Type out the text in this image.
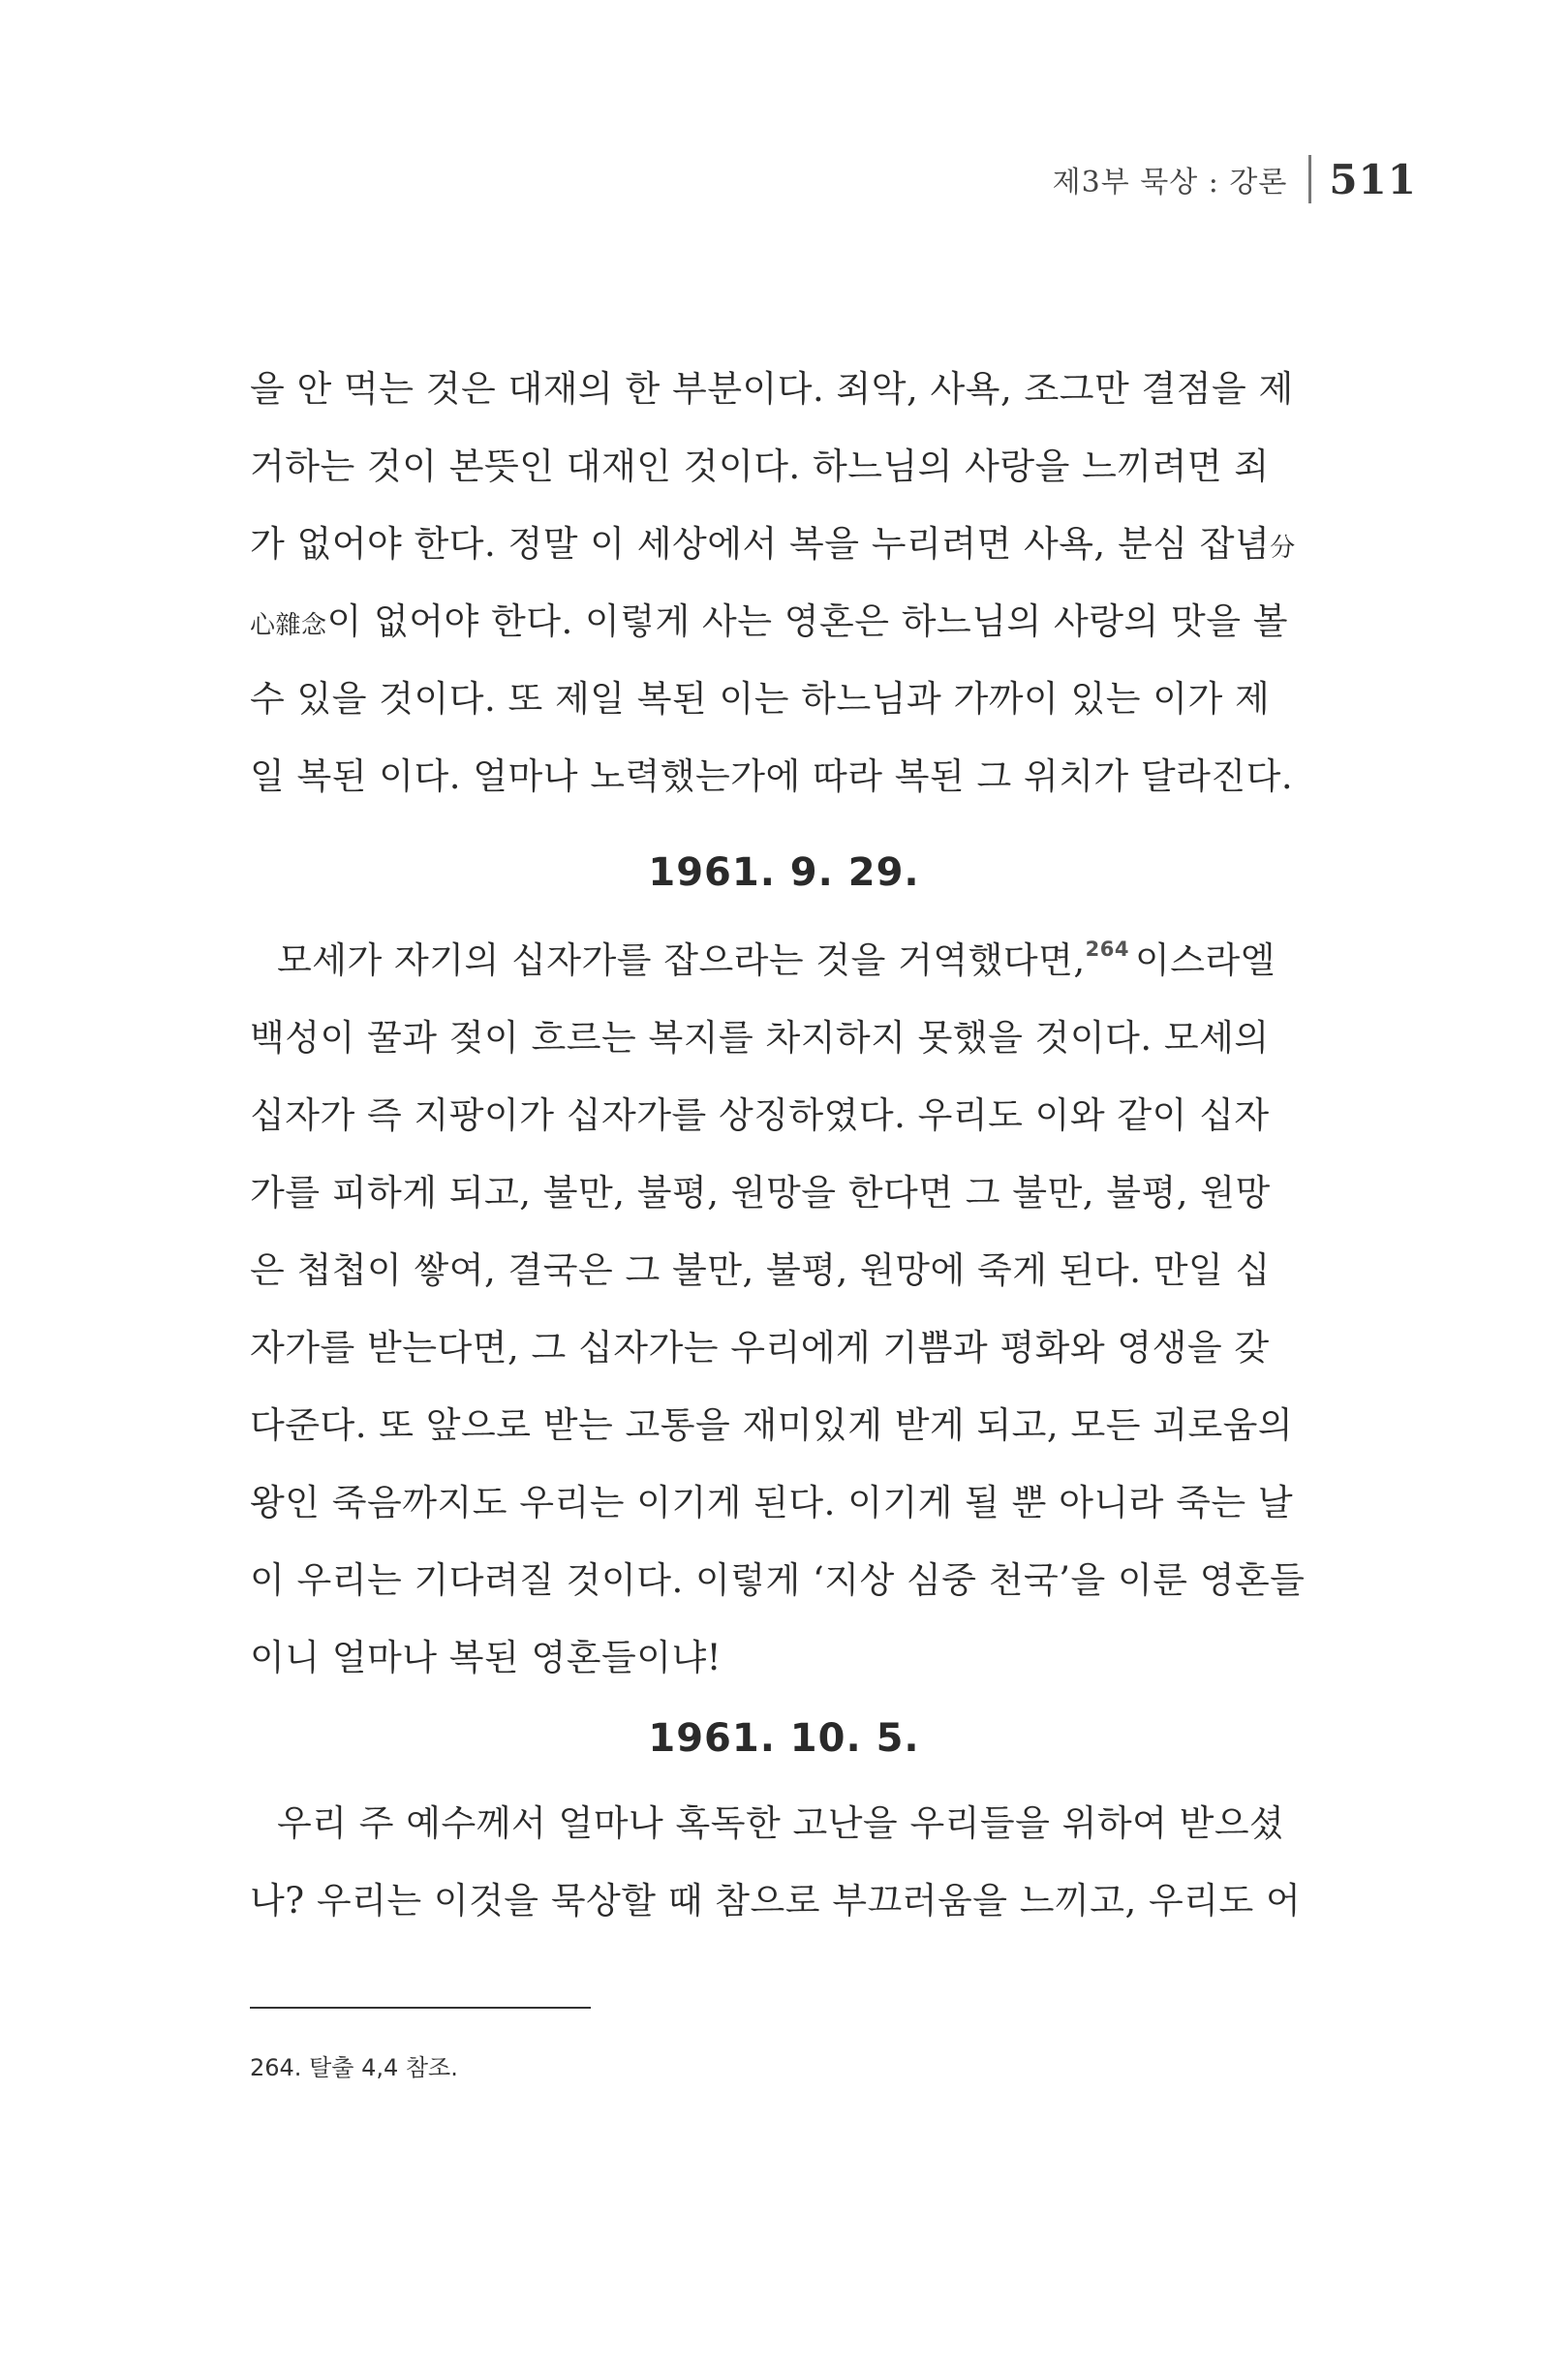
제3부 묵상 : 강론 511
을 안 먹는 것은 대재의 한 부분이다. 죄악, 사욕, 조그만 결점을 제
거하는 것이 본뜻인 대재인 것이다. 하느님의 사랑을 느끼려면 죄
가 없어야 한다. 정말 이 세상에서 복을 누리려면 사욕, 분심 잡념分
心雜念이 없어야 한다. 이렇게 사는 영혼은 하느님의 사랑의 맛을 볼
수 있을 것이다. 또 제일 복된 이는 하느님과 가까이 있는 이가 제
일 복된 이다. 얼마나 노력했는가에 따라 복된 그 위치가 달라진다.
1961. 9. 29.
모세가 자기의 십자가를 잡으라는 것을 거역했다면,$^{264}$ 이스라엘
백성이 꿀과 젖이 흐르는 복지를 차지하지 못했을 것이다. 모세의
십자가 즉 지팡이가 십자가를 상징하였다. 우리도 이와 같이 십자
가를 피하게 되고, 불만, 불평, 원망을 한다면 그 불만, 불평, 원망
은 첩첩이 쌓여, 결국은 그 불만, 불평, 원망에 죽게 된다. 만일 십
자가를 받는다면, 그 십자가는 우리에게 기쁨과 평화와 영생을 갖
다준다. 또 앞으로 받는 고통을 재미있게 받게 되고, 모든 괴로움의
왕인 죽음까지도 우리는 이기게 된다. 이기게 될 뿐 아니라 죽는 날
이 우리는 기다려질 것이다. 이렇게 ‘지상 심중 천국’을 이룬 영혼들
이니 얼마나 복된 영혼들이냐!
1961. 10. 5.
우리 주 예수께서 얼마나 혹독한 고난을 우리들을 위하여 받으셨
나? 우리는 이것을 묵상할 때 참으로 부끄러움을 느끼고, 우리도 어
264. 탈출 4,4 참조.
